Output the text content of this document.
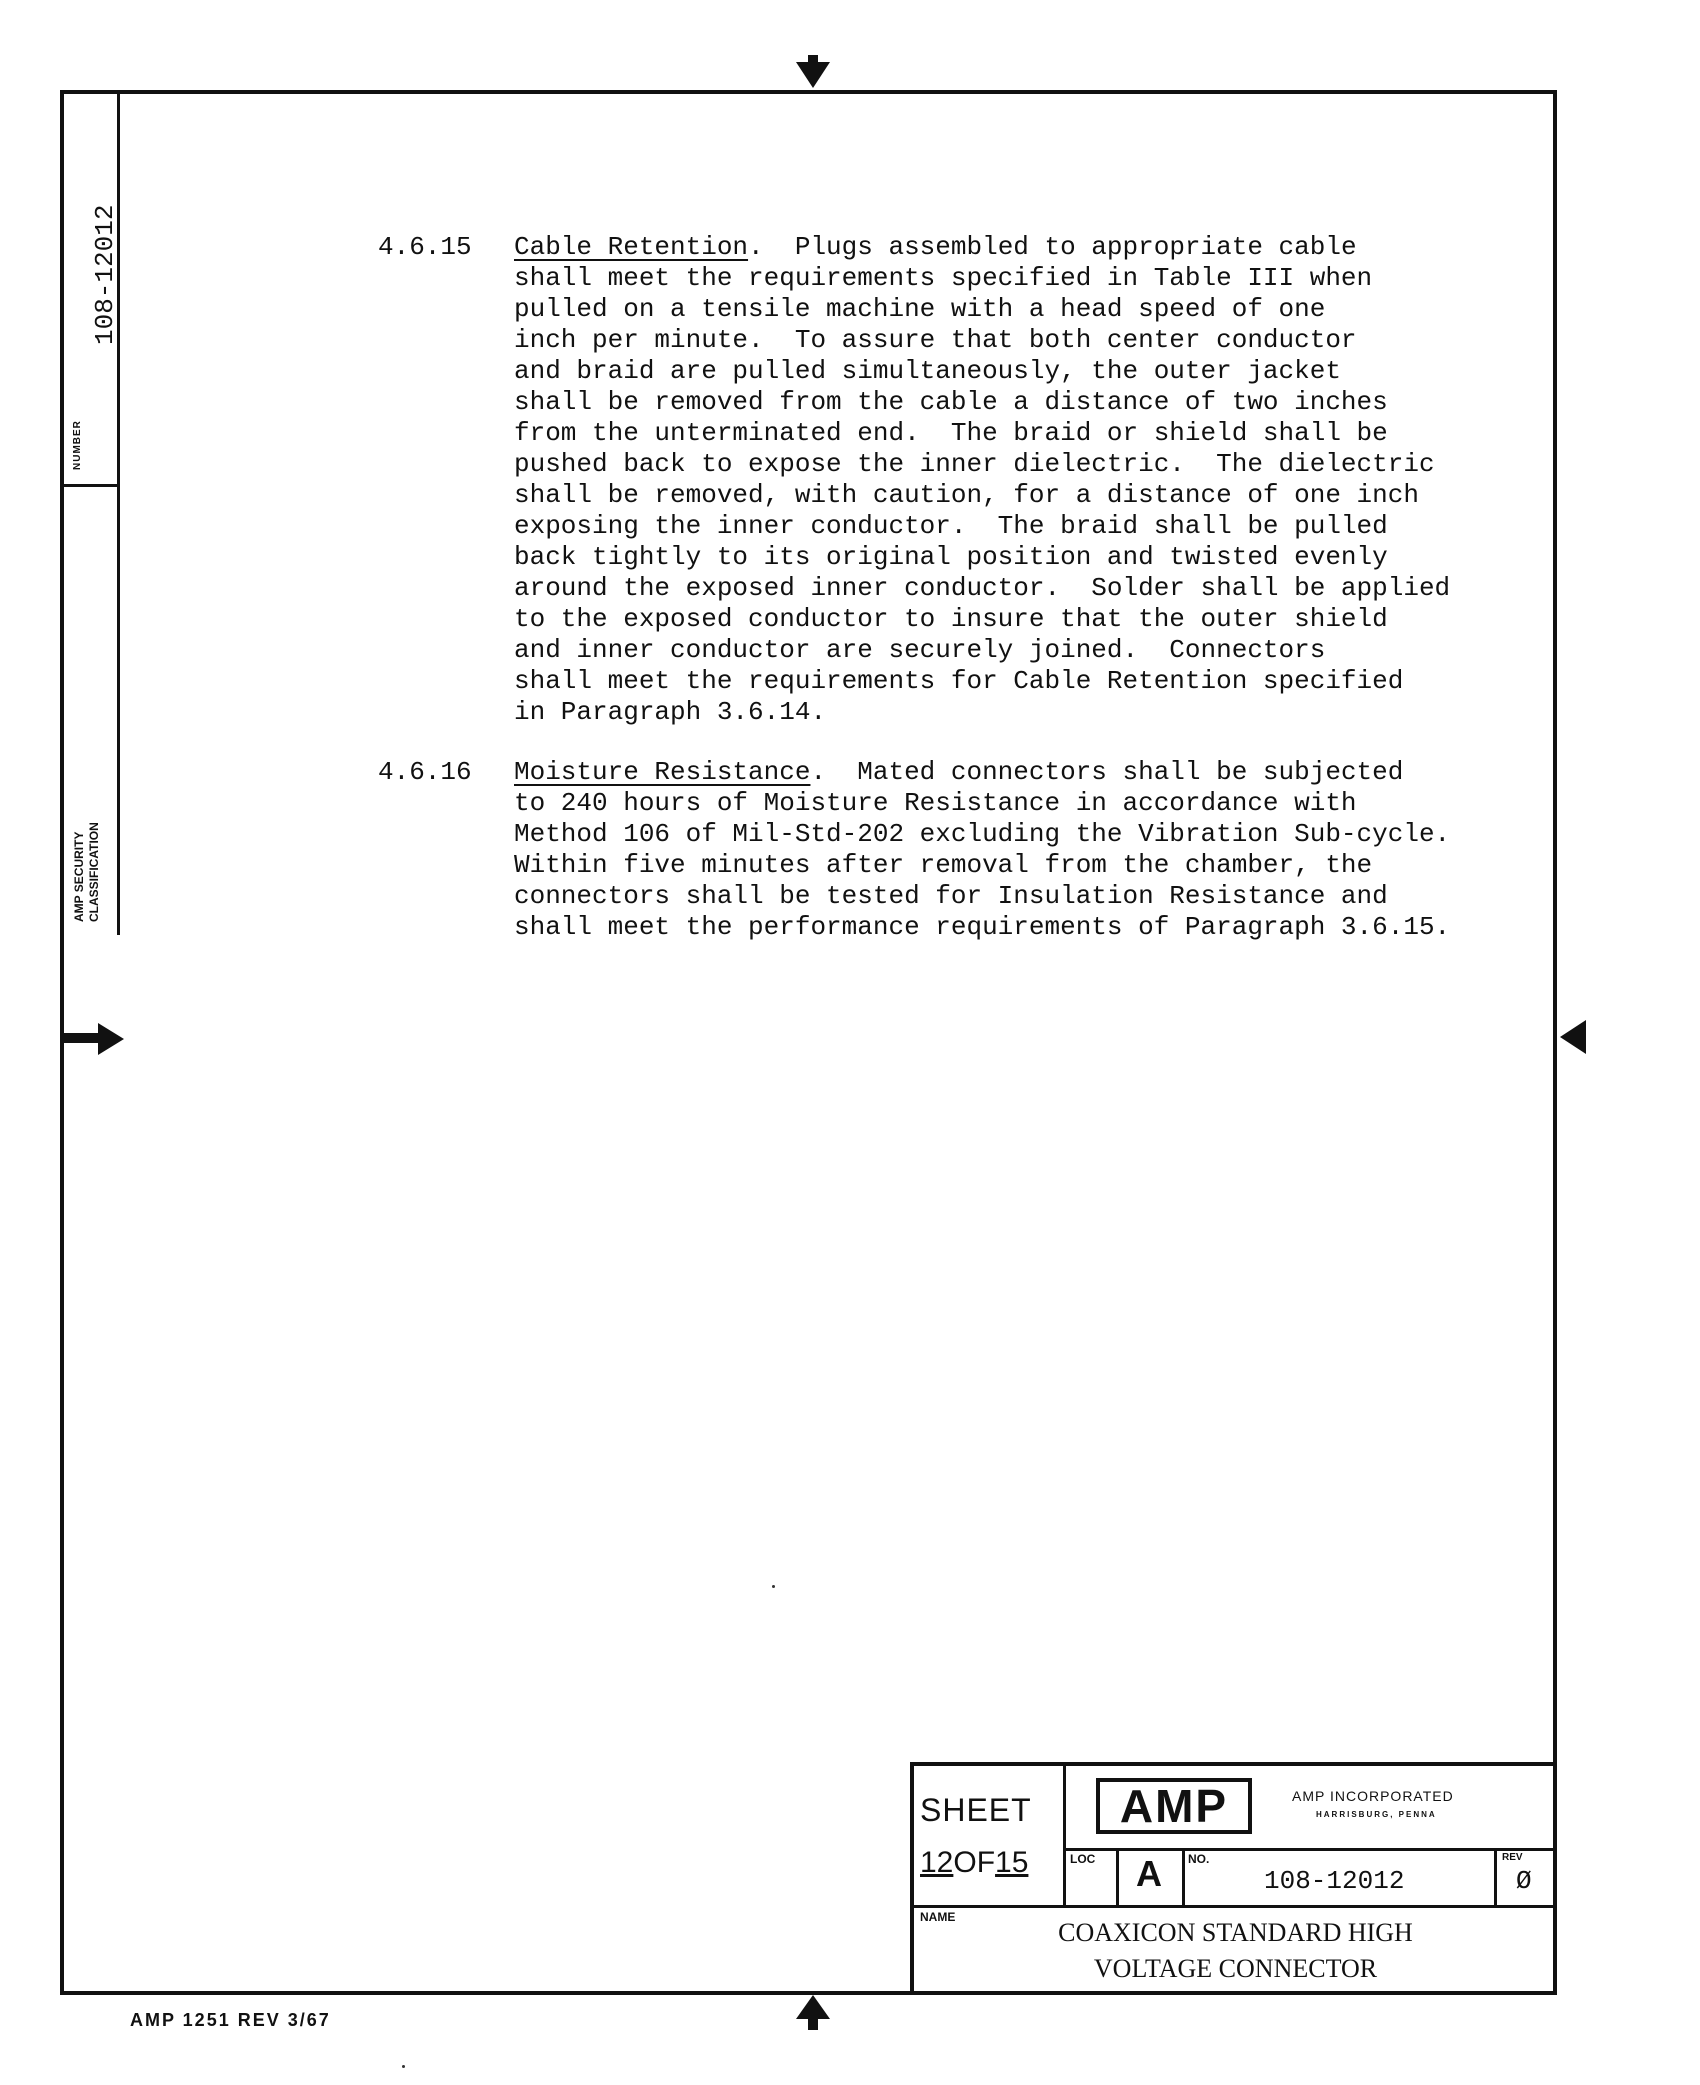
NUMBER
108-12012
AMP SECURITY CLASSIFICATION
4.6.15 Cable Retention.  Plugs assembled to appropriate cable
shall meet the requirements specified in Table III when
pulled on a tensile machine with a head speed of one
inch per minute.  To assure that both center conductor
and braid are pulled simultaneously, the outer jacket
shall be removed from the cable a distance of two inches
from the unterminated end.  The braid or shield shall be
pushed back to expose the inner dielectric.  The dielectric
shall be removed, with caution, for a distance of one inch
exposing the inner conductor.  The braid shall be pulled
back tightly to its original position and twisted evenly
around the exposed inner conductor.  Solder shall be applied
to the exposed conductor to insure that the outer shield
and inner conductor are securely joined.  Connectors
shall meet the requirements for Cable Retention specified
in Paragraph 3.6.14.
4.6.16 Moisture Resistance.  Mated connectors shall be subjected
to 240 hours of Moisture Resistance in accordance with
Method 106 of Mil-Std-202 excluding the Vibration Sub-cycle.
Within five minutes after removal from the chamber, the
connectors shall be tested for Insulation Resistance and
shall meet the performance requirements of Paragraph 3.6.15.
SHEET
12OF15
AMP	AMP INCORPORATED
HARRISBURG, PENNA
LOC A NO.
108-12012
REV
Ø
NAME
COAXICON STANDARD HIGH
VOLTAGE CONNECTOR
AMP 1251 REV 3/67
